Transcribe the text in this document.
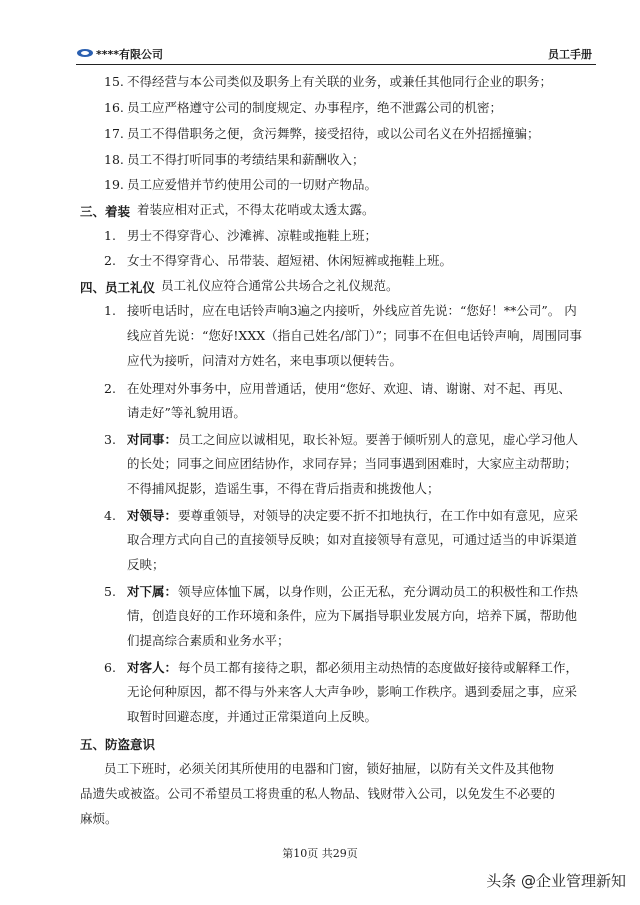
****有限公司	员工手册
15. 不得经营与本公司类似及职务上有关联的业务，或兼任其他同行企业的职务；
16. 员工应严格遵守公司的制度规定、办事程序，绝不泄露公司的机密；
17. 员工不得借职务之便，贪污舞弊，接受招待，或以公司名义在外招摇撞骗；
18. 员工不得打听同事的考绩结果和薪酬收入；
19. 员工应爱惜并节约使用公司的一切财产物品。
三、着装 着装应相对正式，不得太花哨或太透太露。
1. 男士不得穿背心、沙滩裤、凉鞋或拖鞋上班；
2. 女士不得穿背心、吊带装、超短裙、休闲短裤或拖鞋上班。
四、员工礼仪 员工礼仪应符合通常公共场合之礼仪规范。
1. 接听电话时，应在电话铃声响3遍之内接听，外线应首先说：“您好！**公司”。 内
线应首先说：“您好!XXX（指自己姓名/部门）”；同事不在但电话铃声响，周围同事
应代为接听，问清对方姓名，来电事项以便转告。
2. 在处理对外事务中，应用普通话，使用“您好、欢迎、请、谢谢、对不起、再见、
请走好”等礼貌用语。
3. 对同事： 员工之间应以诚相见，取长补短。要善于倾听别人的意见，虚心学习他人
的长处；同事之间应团结协作，求同存异；当同事遇到困难时，大家应主动帮助；
不得捕风捉影，造谣生事，不得在背后指责和挑拨他人；
4. 对领导： 要尊重领导，对领导的决定要不折不扣地执行，在工作中如有意见，应采
取合理方式向自己的直接领导反映；如对直接领导有意见，可通过适当的申诉渠道
反映；
5. 对下属： 领导应体恤下属，以身作则，公正无私，充分调动员工的积极性和工作热
情，创造良好的工作环境和条件，应为下属指导职业发展方向，培养下属，帮助他
们提高综合素质和业务水平；
6. 对客人： 每个员工都有接待之职，都必须用主动热情的态度做好接待或解释工作，
无论何种原因，都不得与外来客人大声争吵，影响工作秩序。遇到委屈之事，应采
取暂时回避态度，并通过正常渠道向上反映。
五、防盗意识
员工下班时，必须关闭其所使用的电器和门窗，锁好抽屉，以防有关文件及其他物
品遗失或被盗。公司不希望员工将贵重的私人物品、钱财带入公司，以免发生不必要的
麻烦。
第10页 共29页
头条 @企业管理新知
